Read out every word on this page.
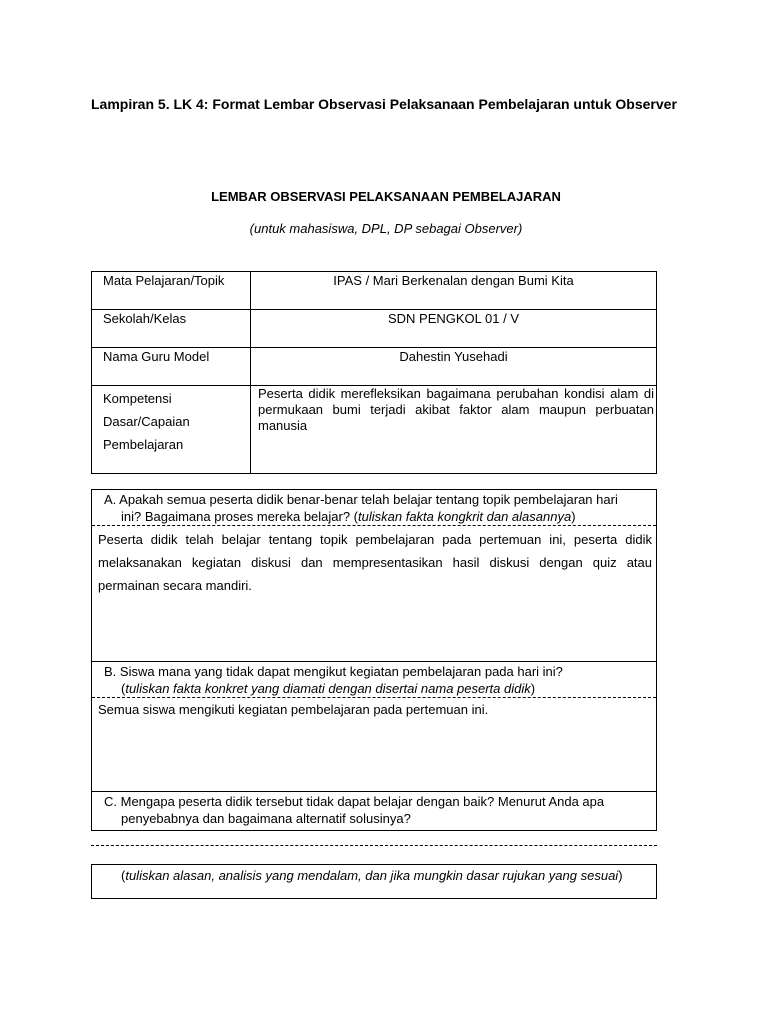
Lampiran 5. LK 4: Format Lembar Observasi Pelaksanaan Pembelajaran untuk Observer
LEMBAR OBSERVASI PELAKSANAAN PEMBELAJARAN
(untuk mahasiswa, DPL, DP sebagai Observer)
Mata Pelajaran/Topik	IPAS / Mari Berkenalan dengan Bumi Kita
Sekolah/Kelas	SDN PENGKOL 01 / V
Nama Guru Model	Dahestin Yusehadi

Kompetensi
Dasar/Capaian
Pembelajaran	Peserta didik merefleksikan bagaimana perubahan kondisi alam di permukaan bumi terjadi akibat faktor alam maupun perbuatan manusia
A. Apakah semua peserta didik benar-benar telah belajar tentang topik pembelajaran hari
ini? Bagaimana proses mereka belajar? (tuliskan fakta kongkrit dan alasannya)
Peserta didik telah belajar tentang topik pembelajaran pada pertemuan ini, peserta didik melaksanakan kegiatan diskusi dan mempresentasikan hasil diskusi dengan quiz atau permainan secara mandiri.
B. Siswa mana yang tidak dapat mengikut kegiatan pembelajaran pada hari ini?
(tuliskan fakta konkret yang diamati dengan disertai nama peserta didik)
Semua siswa mengikuti kegiatan pembelajaran pada pertemuan ini.
C. Mengapa peserta didik tersebut tidak dapat belajar dengan baik? Menurut Anda apa
penyebabnya dan bagaimana alternatif solusinya?
(tuliskan alasan, analisis yang mendalam, dan jika mungkin dasar rujukan yang sesuai)
